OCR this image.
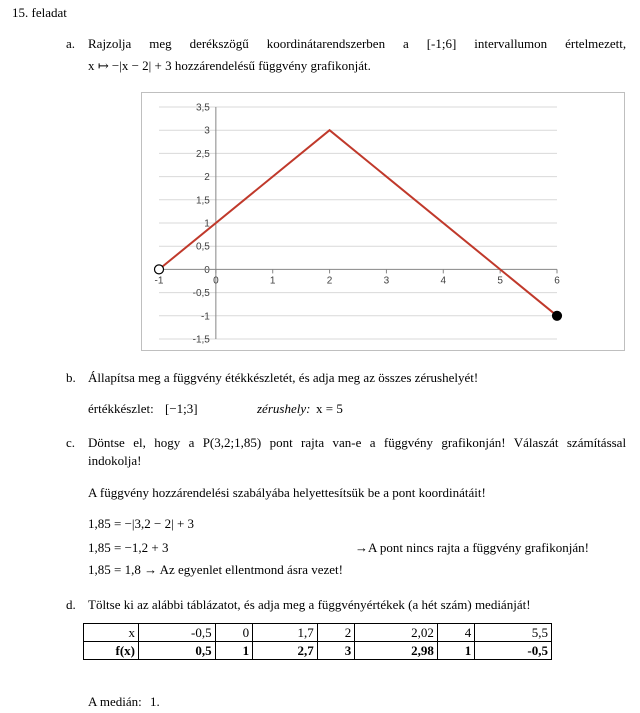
15. feladat
a. Rajzolja meg derékszögű koordinátarendszerben a [-1;6] intervallumon értelmezett,
x ↦ −|x − 2| + 3 hozzárendelésű függvény grafikonját.
3,5
3
2,5
2
1,5
1
0,5
0
-0,5
-1
-1,5
-1	0	1	2	3	4	5	6
b. Állapítsa meg a függvény étékkészletét, és adja meg az összes zérushelyét!
értékkészlet: [−1;3]	zérushely: x = 5
c. Döntse el, hogy a P(3,2;1,85) pont rajta van-e a függvény grafikonján! Válaszát számítással
indokolja!
A függvény hozzárendelési szabályába helyettesítsük be a pont koordinátáit!
1,85 = −|3,2 − 2| + 3
1,85 = −1,2 + 3	→A pont nincs rajta a függvény grafikonján!
1,85 = 1,8 → Az egyenlet ellentmond ásra vezet!
d. Töltse ki az alábbi táblázatot, és adja meg a függvényértékek (a hét szám) mediánját!
x	-0,5	0	1,7	2	2,02	4	5,5
f(x)	0,5	1	2,7	3	2,98	1	-0,5
A medián: 1.
